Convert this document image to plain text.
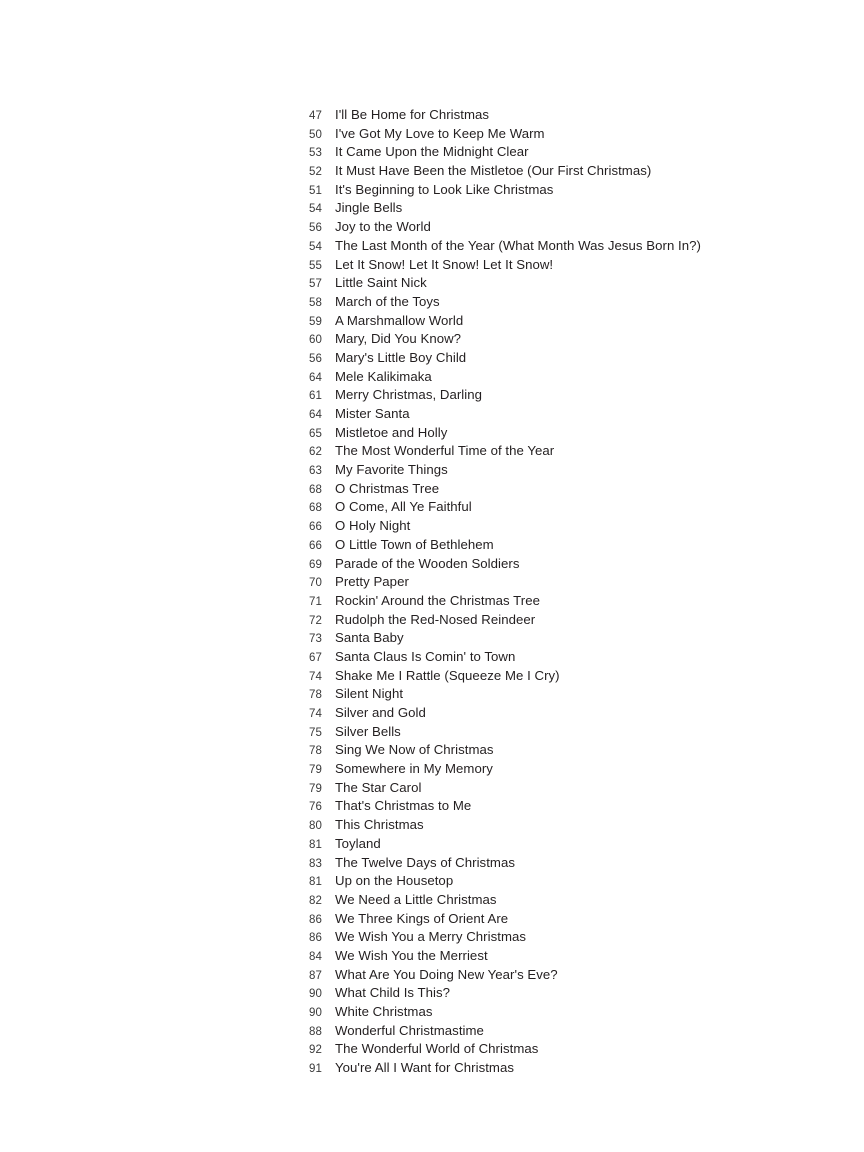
47 I'll Be Home for Christmas
50 I've Got My Love to Keep Me Warm
53 It Came Upon the Midnight Clear
52 It Must Have Been the Mistletoe (Our First Christmas)
51 It's Beginning to Look Like Christmas
54 Jingle Bells
56 Joy to the World
54 The Last Month of the Year (What Month Was Jesus Born In?)
55 Let It Snow! Let It Snow! Let It Snow!
57 Little Saint Nick
58 March of the Toys
59 A Marshmallow World
60 Mary, Did You Know?
56 Mary's Little Boy Child
64 Mele Kalikimaka
61 Merry Christmas, Darling
64 Mister Santa
65 Mistletoe and Holly
62 The Most Wonderful Time of the Year
63 My Favorite Things
68 O Christmas Tree
68 O Come, All Ye Faithful
66 O Holy Night
66 O Little Town of Bethlehem
69 Parade of the Wooden Soldiers
70 Pretty Paper
71 Rockin' Around the Christmas Tree
72 Rudolph the Red-Nosed Reindeer
73 Santa Baby
67 Santa Claus Is Comin' to Town
74 Shake Me I Rattle (Squeeze Me I Cry)
78 Silent Night
74 Silver and Gold
75 Silver Bells
78 Sing We Now of Christmas
79 Somewhere in My Memory
79 The Star Carol
76 That's Christmas to Me
80 This Christmas
81 Toyland
83 The Twelve Days of Christmas
81 Up on the Housetop
82 We Need a Little Christmas
86 We Three Kings of Orient Are
86 We Wish You a Merry Christmas
84 We Wish You the Merriest
87 What Are You Doing New Year's Eve?
90 What Child Is This?
90 White Christmas
88 Wonderful Christmastime
92 The Wonderful World of Christmas
91 You're All I Want for Christmas
